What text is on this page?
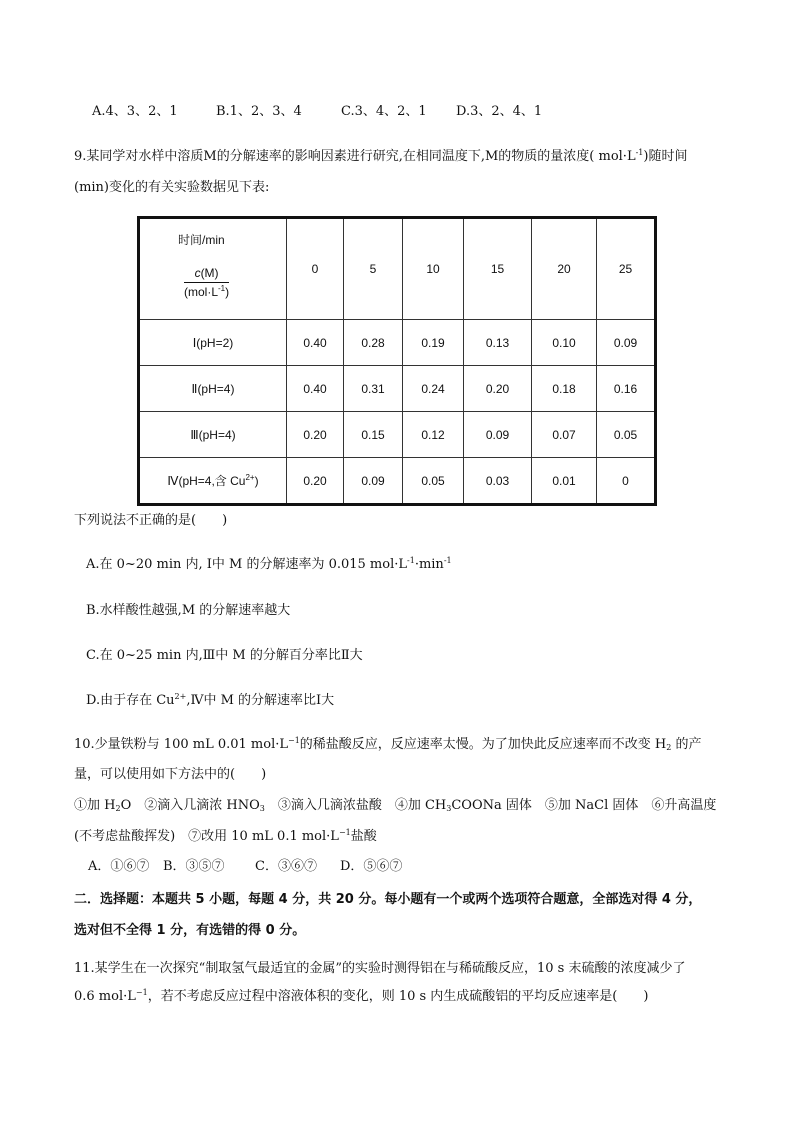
A.4、3、2、1	B.1、2、3、4	C.3、4、2、1 D.3、2、4、1
9.某同学对水样中溶质M的分解速率的影响因素进行研究,在相同温度下,M的物质的量浓度( $mol\cdot L^{-1}$)随时间
(min)变化的有关实验数据见下表:
时间/min
c(M)
$(mol\cdot L^{-1})$	0	5	10	15	20	25
Ⅰ(pH=2)	0.40	0.28	0.19	0.13	0.10	0.09
Ⅱ(pH=4)	0.40	0.31	0.24	0.20	0.18	0.16
Ⅲ(pH=4)	0.20	0.15	0.12	0.09	0.07	0.05
Ⅳ(pH=4,含 $Cu^{2+}$)	0.20	0.09	0.05	0.03	0.01	0
下列说法不正确的是(　　)
A.在 0~20 min 内, Ⅰ中 M 的分解速率为 0.015 $mol\cdot L^{-1}\cdot\min^{-1}$
B.水样酸性越强,M 的分解速率越大
C.在 0~25 min 内,Ⅲ中 M 的分解百分率比Ⅱ大
D.由于存在 $Cu^{2+},Ⅳ$中 M 的分解速率比Ⅰ大
10.少量铁粉与 100 mL 0.01 $mol\cdot L^{-1}$的稀盐酸反应，反应速率太慢。为了加快此反应速率而不改变 $H_2$ 的产
量，可以使用如下方法中的(　　)
①加 $H_2O$　②滴入几滴浓 $HNO_3$　③滴入几滴浓盐酸　④加 $CH_3COONa$ 固体　⑤加 NaCl 固体　⑥升高温度
(不考虑盐酸挥发)　⑦改用 10 mL 0.1 $mol\cdot L^{-1}$盐酸
A．①⑥⑦ B．③⑤⑦ C．③⑥⑦ D．⑤⑥⑦
二．选择题：本题共 5 小题，每题 4 分，共 20 分。每小题有一个或两个选项符合题意，全部选对得 4 分，
选对但不全得 1 分，有选错的得 0 分。
11.某学生在一次探究“制取氢气最适宜的金属”的实验时测得铝在与稀硫酸反应，10 s 末硫酸的浓度减少了
0.6 $mol\cdot L^{-1}$，若不考虑反应过程中溶液体积的变化，则 10 s 内生成硫酸铝的平均反应速率是(　　)
